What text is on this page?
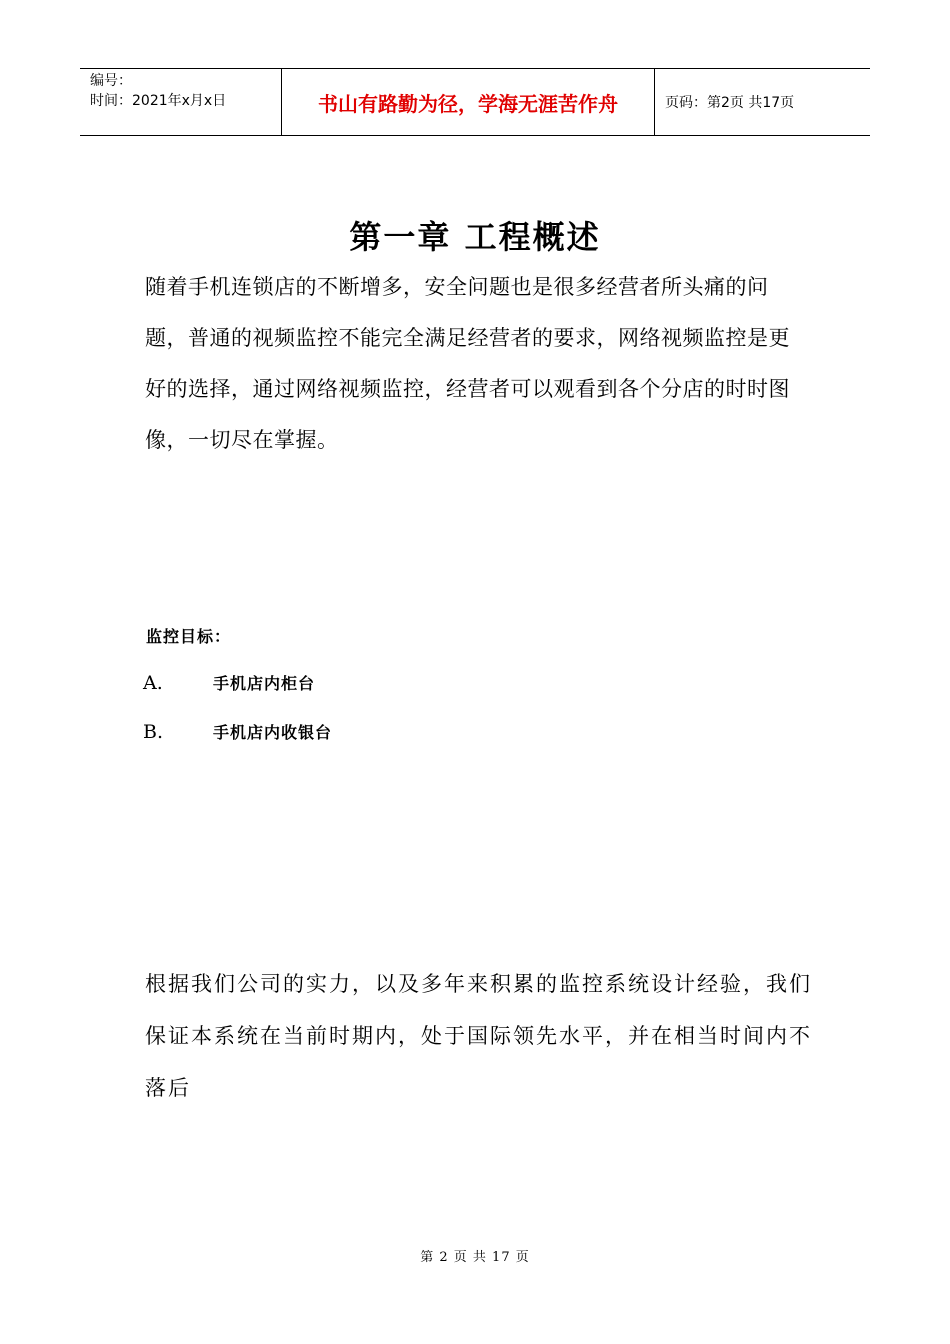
编号：
时间：2021年x月x日	书山有路勤为径，学海无涯苦作舟	页码：第2页 共17页
第一章 工程概述
随着手机连锁店的不断增多，安全问题也是很多经营者所头痛的问题，普通的视频监控不能完全满足经营者的要求，网络视频监控是更好的选择，通过网络视频监控，经营者可以观看到各个分店的时时图像，一切尽在掌握。
监控目标：
A.	手机店内柜台
B.	手机店内收银台
根据我们公司的实力，以及多年来积累的监控系统设计经验，我们保证本系统在当前时期内，处于国际领先水平，并在相当时间内不落后
第 2 页 共 17 页
